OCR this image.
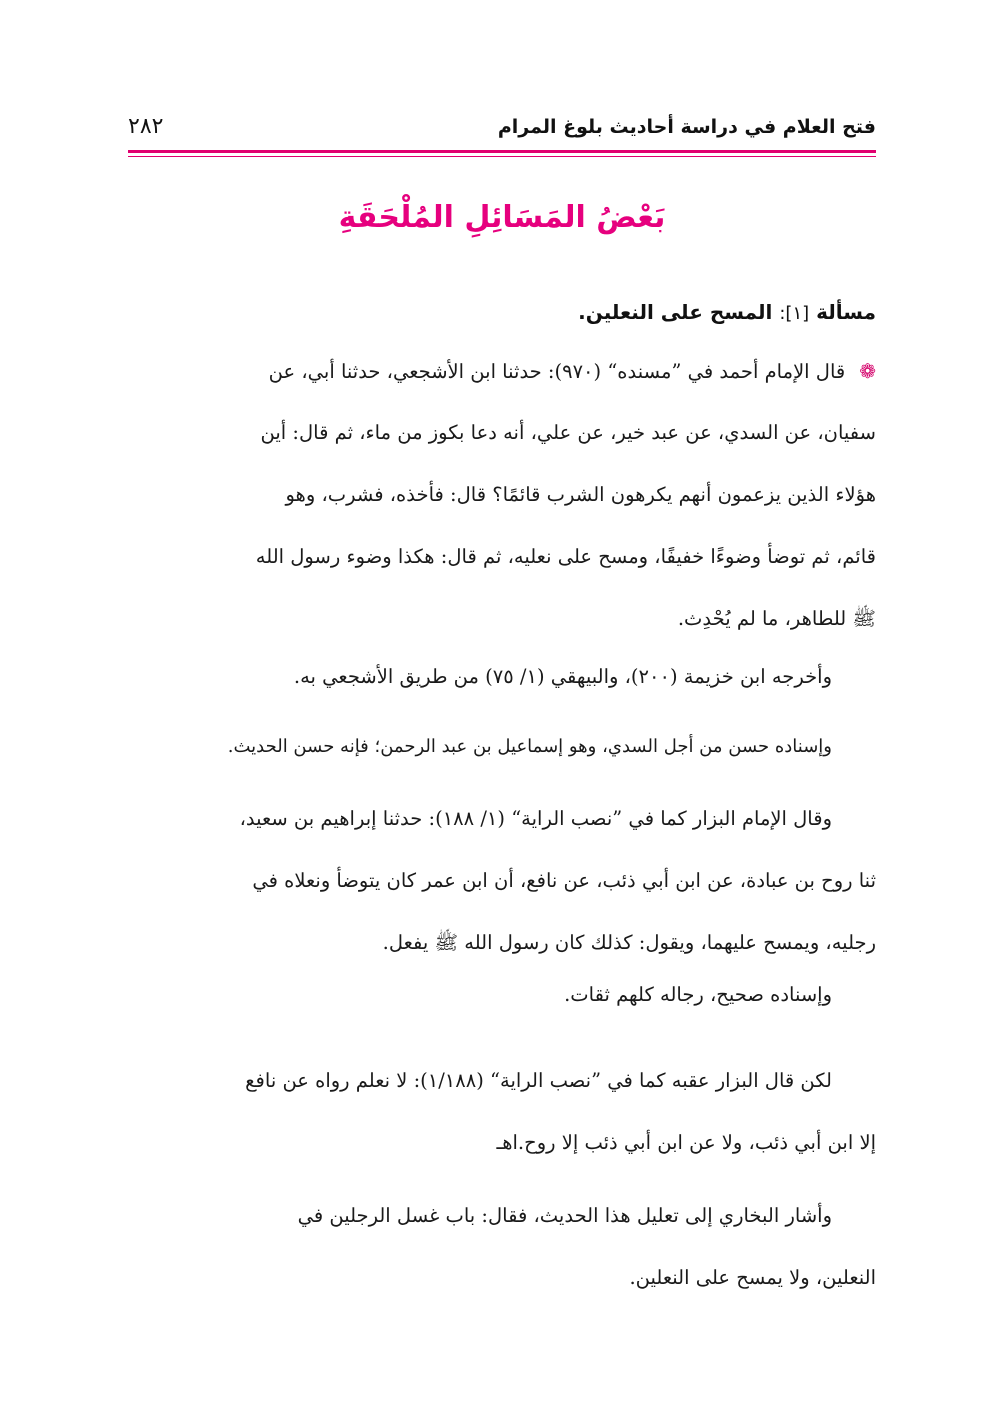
فتح العلام في دراسة أحاديث بلوغ المرام
٢٨٢
بَعْضُ المَسَائِلِ المُلْحَقَةِ
مسألة [١]: المسح على النعلين.
❁قال الإمام أحمد في ”مسنده“ (٩٧٠): حدثنا ابن الأشجعي، حدثنا أبي، عن
سفيان، عن السدي، عن عبد خير، عن علي، أنه دعا بكوز من ماء، ثم قال: أين
هؤلاء الذين يزعمون أنهم يكرهون الشرب قائمًا؟ قال: فأخذه، فشرب، وهو
قائم، ثم توضأ وضوءًا خفيفًا، ومسح على نعليه، ثم قال: هكذا وضوء رسول الله
ﷺ للطاهر، ما لم يُحْدِث.
وأخرجه ابن خزيمة (٢٠٠)، والبيهقي (١/ ٧٥) من طريق الأشجعي به.
وإسناده حسن من أجل السدي، وهو إسماعيل بن عبد الرحمن؛ فإنه حسن الحديث.
وقال الإمام البزار كما في ”نصب الراية“ (١/ ١٨٨): حدثنا إبراهيم بن سعيد،
ثنا روح بن عبادة، عن ابن أبي ذئب، عن نافع، أن ابن عمر كان يتوضأ ونعلاه في
رجليه، ويمسح عليهما، ويقول: كذلك كان رسول الله ﷺ يفعل.
وإسناده صحيح، رجاله كلهم ثقات.
لكن قال البزار عقبه كما في ”نصب الراية“ (١/١٨٨): لا نعلم رواه عن نافع
إلا ابن أبي ذئب، ولا عن ابن أبي ذئب إلا روح.اهـ
وأشار البخاري إلى تعليل هذا الحديث، فقال: باب غسل الرجلين في
النعلين، ولا يمسح على النعلين.
